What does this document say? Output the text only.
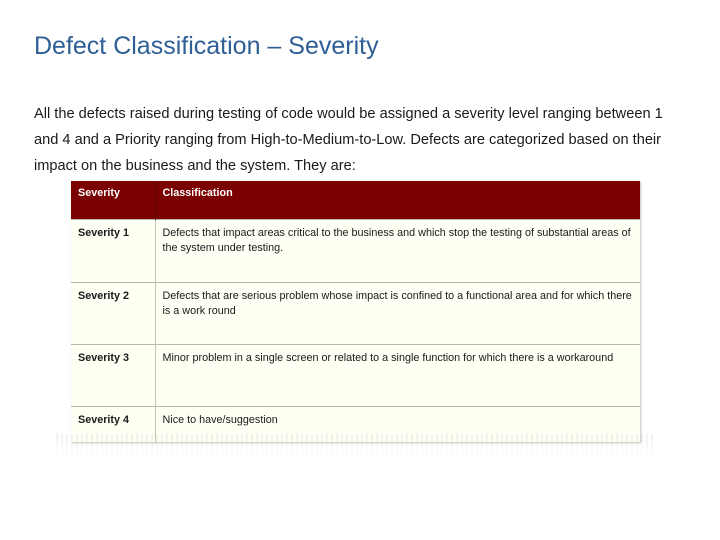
Defect Classification – Severity

All the defects raised during testing of code would be assigned a severity level ranging between 1 and 4 and a Priority ranging from High-to-Medium-to-Low. Defects are categorized based on their impact on the business and the system. They are:

Severity	Classification
Severity 1	Defects that impact areas critical to the business and which stop the testing of substantial areas of the system under testing.
Severity 2	Defects that are serious problem whose impact is confined to a functional area and for which there is a work round
Severity 3	Minor problem in a single screen or related to a single function for which there is a workaround
Severity 4	Nice to have/suggestion
